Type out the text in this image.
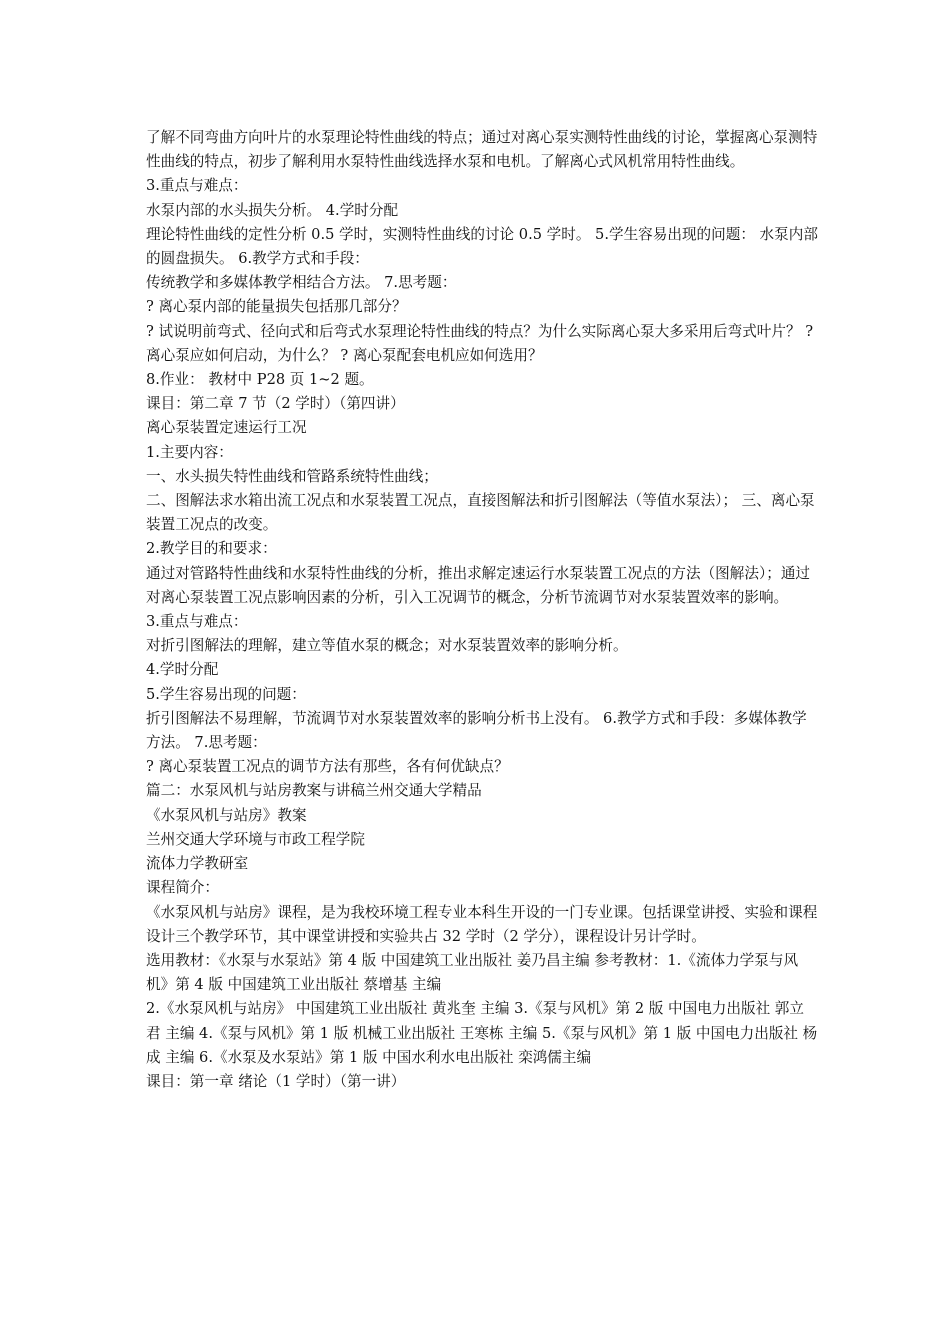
了解不同弯曲方向叶片的水泵理论特性曲线的特点；通过对离心泵实测特性曲线的讨论，掌握离心泵测特性曲线的特点，初步了解利用水泵特性曲线选择水泵和电机。了解离心式风机常用特性曲线。

3.重点与难点：

水泵内部的水头损失分析。 4.学时分配

理论特性曲线的定性分析 0.5 学时，实测特性曲线的讨论 0.5 学时。 5.学生容易出现的问题： 水泵内部的圆盘损失。 6.教学方式和手段：

传统教学和多媒体教学相结合方法。 7.思考题：

? 离心泵内部的能量损失包括那几部分？

? 试说明前弯式、径向式和后弯式水泵理论特性曲线的特点？为什么实际离心泵大多采用后弯式叶片？ ? 离心泵应如何启动，为什么？ ? 离心泵配套电机应如何选用？

8.作业： 教材中 P28 页 1~2 题。

课目：第二章 7 节（2 学时）（第四讲）

离心泵装置定速运行工况

1.主要内容：

一、水头损失特性曲线和管路系统特性曲线；

二、图解法求水箱出流工况点和水泵装置工况点，直接图解法和折引图解法（等值水泵法）； 三、离心泵装置工况点的改变。

2.教学目的和要求：

通过对管路特性曲线和水泵特性曲线的分析，推出求解定速运行水泵装置工况点的方法（图解法）；通过对离心泵装置工况点影响因素的分析，引入工况调节的概念，分析节流调节对水泵装置效率的影响。

3.重点与难点：

对折引图解法的理解，建立等值水泵的概念；对水泵装置效率的影响分析。

4.学时分配

5.学生容易出现的问题：

折引图解法不易理解，节流调节对水泵装置效率的影响分析书上没有。 6.教学方式和手段：多媒体教学方法。 7.思考题：

? 离心泵装置工况点的调节方法有那些，各有何优缺点？

篇二：水泵风机与站房教案与讲稿兰州交通大学精品

《水泵风机与站房》教案

兰州交通大学环境与市政工程学院

流体力学教研室

课程简介：

《水泵风机与站房》课程，是为我校环境工程专业本科生开设的一门专业课。包括课堂讲授、实验和课程设计三个教学环节，其中课堂讲授和实验共占 32 学时（2 学分），课程设计另计学时。

选用教材：《水泵与水泵站》第 4 版 中国建筑工业出版社 姜乃昌主编 参考教材：1.《流体力学泵与风机》第 4 版 中国建筑工业出版社 蔡增基 主编

2.《水泵风机与站房》 中国建筑工业出版社 黄兆奎 主编 3.《泵与风机》第 2 版 中国电力出版社 郭立君 主编 4.《泵与风机》第 1 版 机械工业出版社 王寒栋 主编 5.《泵与风机》第 1 版 中国电力出版社 杨成 主编 6.《水泵及水泵站》第 1 版 中国水利水电出版社 栾鸿儒主编

课目：第一章 绪论（1 学时）（第一讲）
